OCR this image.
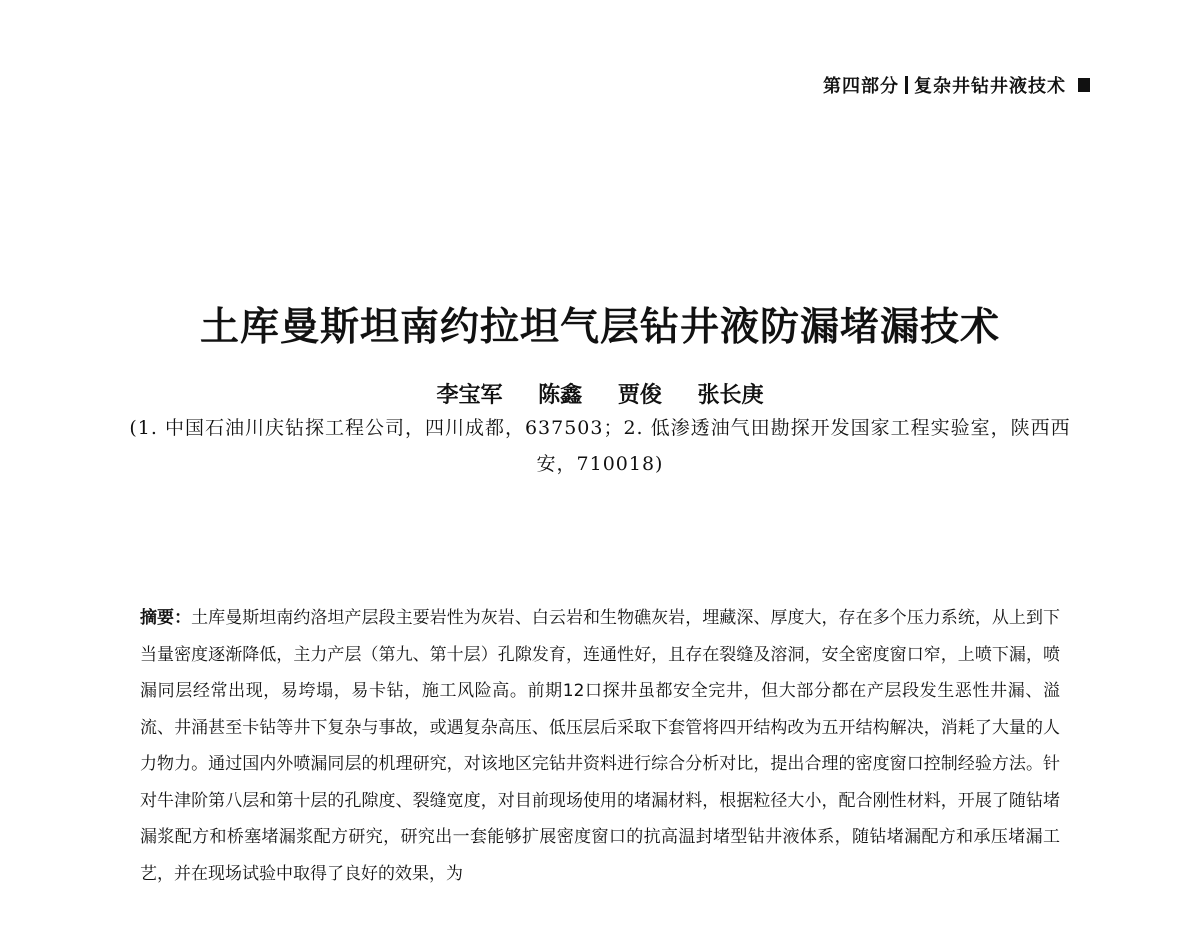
第四部分 复杂井钻井液技术
土库曼斯坦南约拉坦气层钻井液防漏堵漏技术
李宝军 陈鑫 贾俊 张长庚
(1. 中国石油川庆钻探工程公司，四川成都，637503；2. 低渗透油气田勘探开发国家工程实验室，陕西西安，710018)
摘要：土库曼斯坦南约洛坦产层段主要岩性为灰岩、白云岩和生物礁灰岩，埋藏深、厚度大，存在多个压力系统，从上到下当量密度逐渐降低，主力产层（第九、第十层）孔隙发育，连通性好，且存在裂缝及溶洞，安全密度窗口窄，上喷下漏，喷漏同层经常出现，易垮塌，易卡钻，施工风险高。前期12口探井虽都安全完井，但大部分都在产层段发生恶性井漏、溢流、井涌甚至卡钻等井下复杂与事故，或遇复杂高压、低压层后采取下套管将四开结构改为五开结构解决，消耗了大量的人力物力。通过国内外喷漏同层的机理研究，对该地区完钻井资料进行综合分析对比，提出合理的密度窗口控制经验方法。针对牛津阶第八层和第十层的孔隙度、裂缝宽度，对目前现场使用的堵漏材料，根据粒径大小，配合刚性材料，开展了随钻堵漏浆配方和桥塞堵漏浆配方研究，研究出一套能够扩展密度窗口的抗高温封堵型钻井液体系，随钻堵漏配方和承压堵漏工艺，并在现场试验中取得了良好的效果，为
